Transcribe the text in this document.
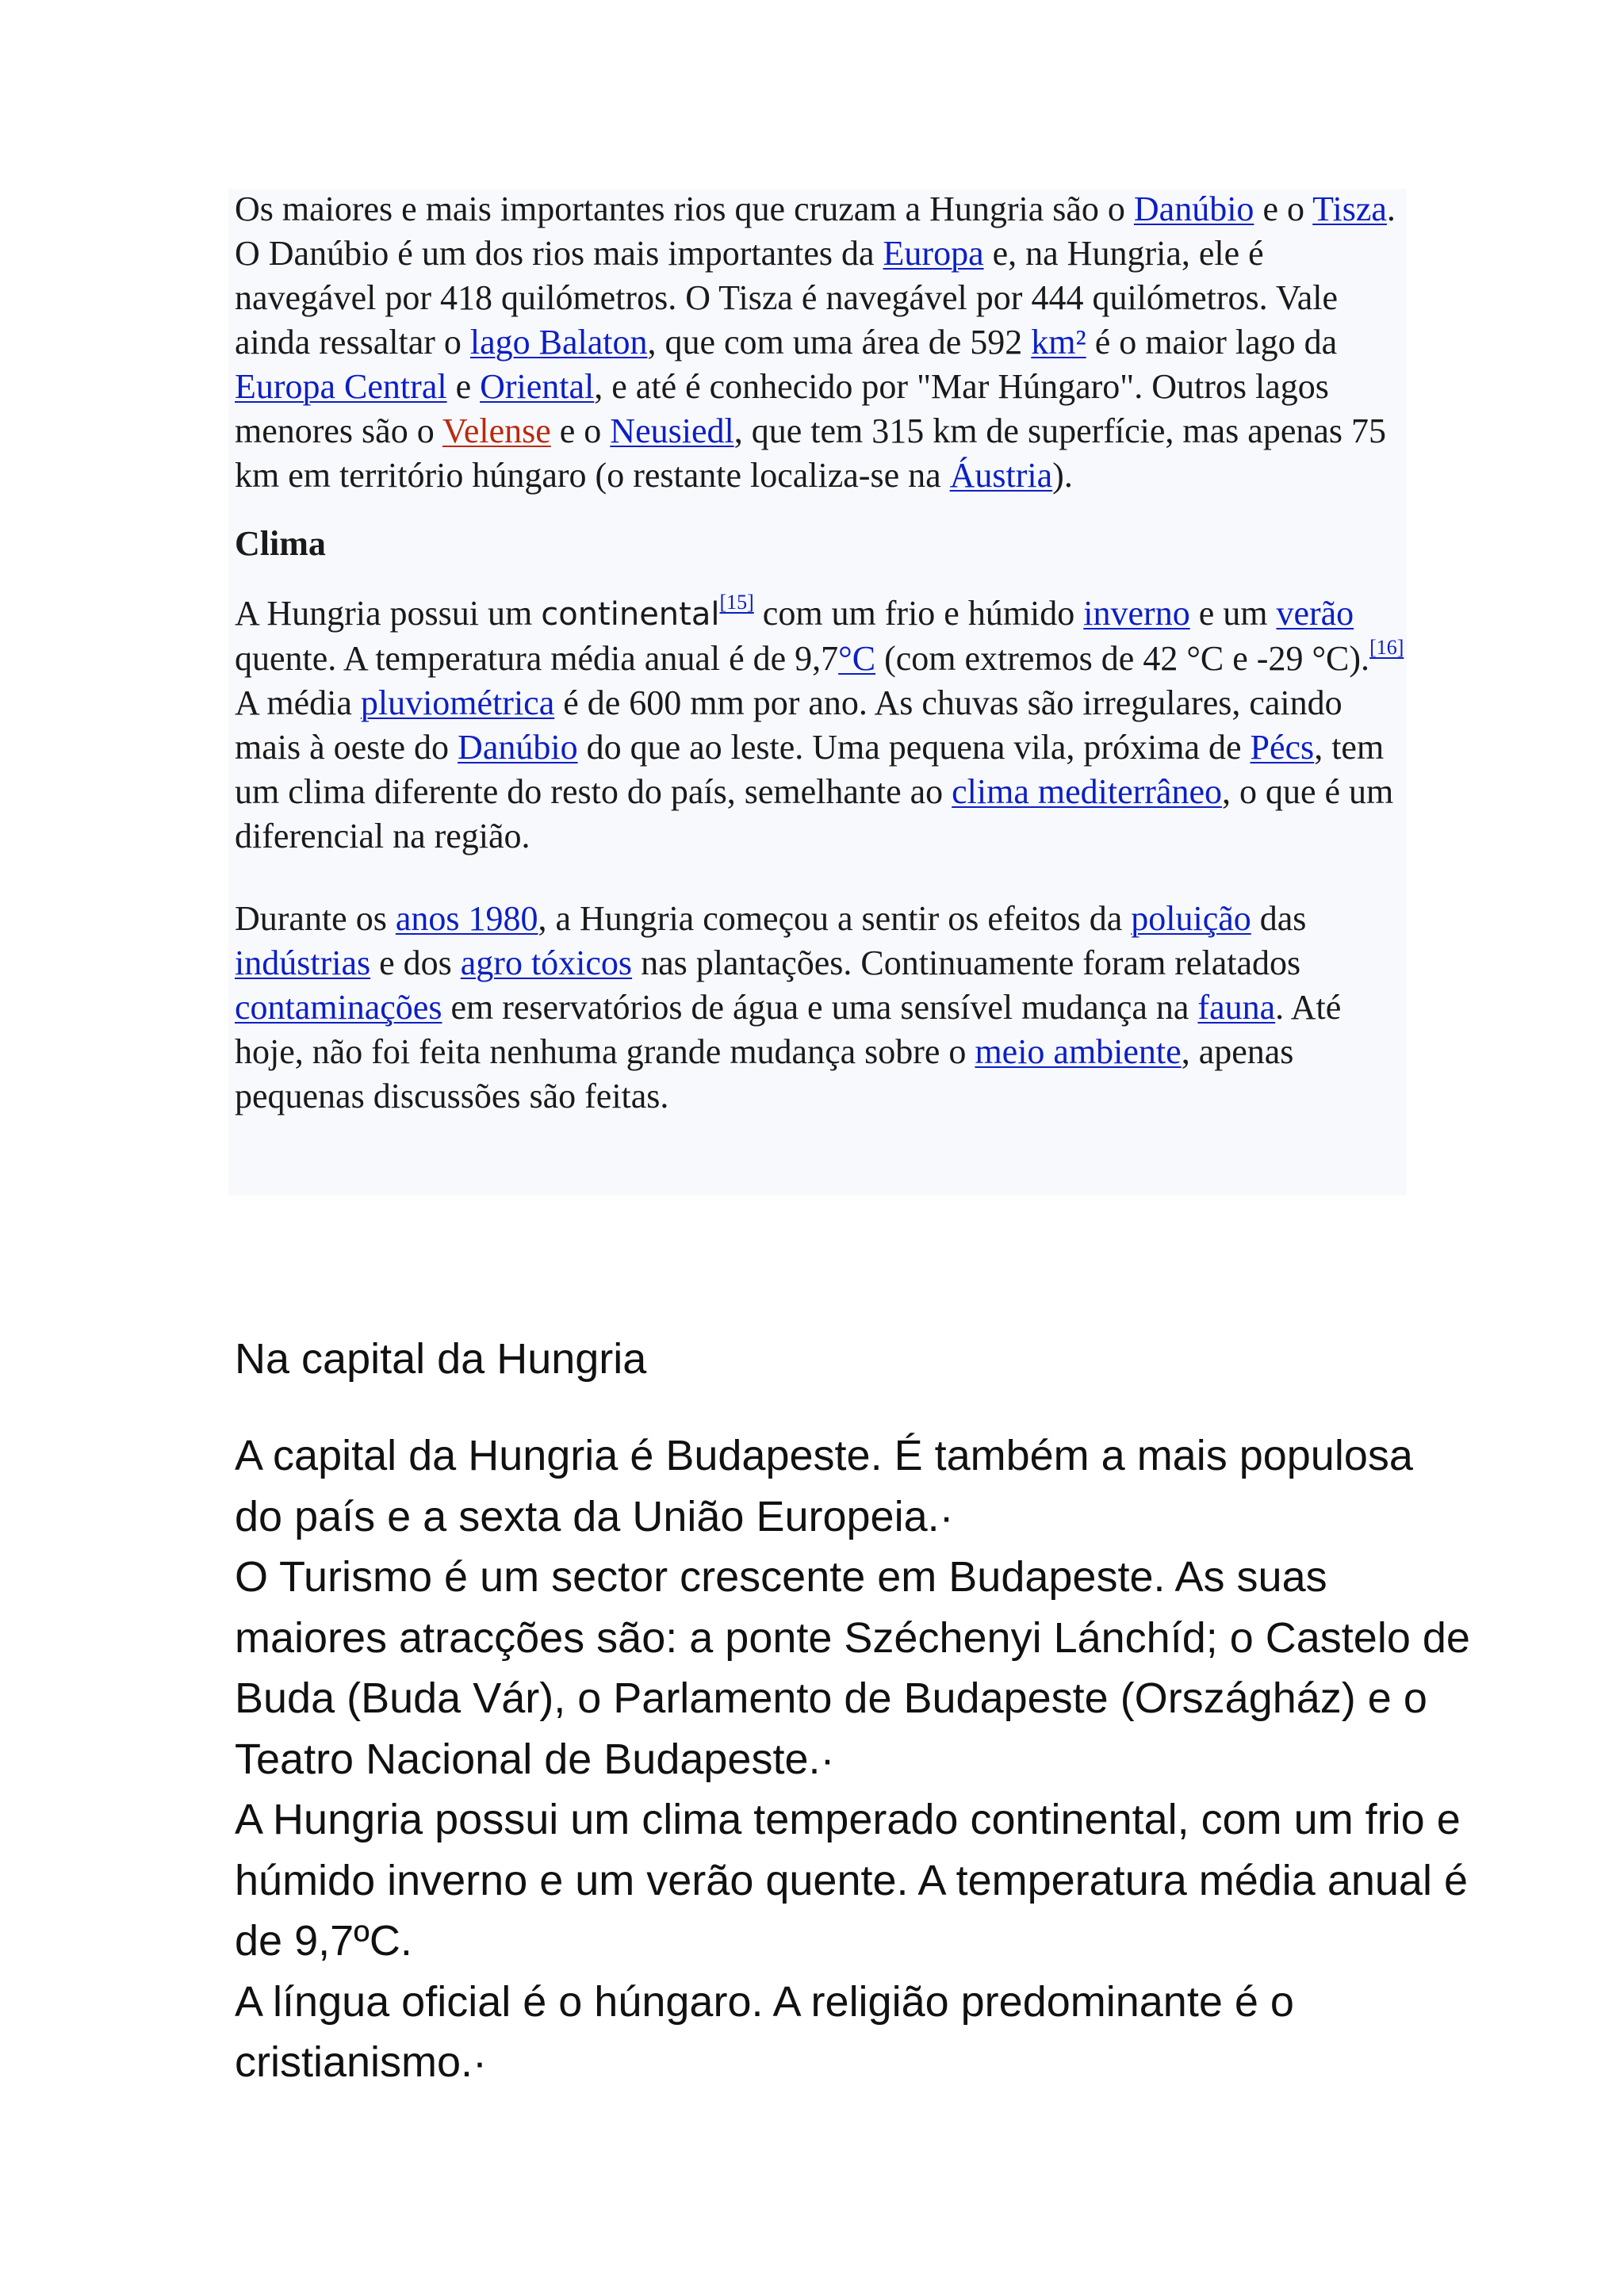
Os maiores e mais importantes rios que cruzam a Hungria são o Danúbio e o Tisza. O Danúbio é um dos rios mais importantes da Europa e, na Hungria, ele é navegável por 418 quilómetros. O Tisza é navegável por 444 quilómetros. Vale ainda ressaltar o lago Balaton, que com uma área de 592 km² é o maior lago da Europa Central e Oriental, e até é conhecido por "Mar Húngaro". Outros lagos menores são o Velense e o Neusiedl, que tem 315 km de superfície, mas apenas 75 km em território húngaro (o restante localiza-se na Áustria).

Clima

A Hungria possui um continental[15] com um frio e húmido inverno e um verão quente. A temperatura média anual é de 9,7°C (com extremos de 42 °C e -29 °C).[16] A média pluviométrica é de 600 mm por ano. As chuvas são irregulares, caindo mais à oeste do Danúbio do que ao leste. Uma pequena vila, próxima de Pécs, tem um clima diferente do resto do país, semelhante ao clima mediterrâneo, o que é um diferencial na região.

Durante os anos 1980, a Hungria começou a sentir os efeitos da poluição das indústrias e dos agro tóxicos nas plantações. Continuamente foram relatados contaminações em reservatórios de água e uma sensível mudança na fauna. Até hoje, não foi feita nenhuma grande mudança sobre o meio ambiente, apenas pequenas discussões são feitas.

Na capital da Hungria

A capital da Hungria é Budapeste. É também a mais populosa do país e a sexta da União Europeia.·

O Turismo é um sector crescente em Budapeste. As suas maiores atracções são: a ponte Széchenyi Lánchíd; o Castelo de Buda (Buda Vár), o Parlamento de Budapeste (Országház) e o Teatro Nacional de Budapeste.·

A Hungria possui um clima temperado continental, com um frio e húmido inverno e um verão quente. A temperatura média anual é de 9,7ºC.

A língua oficial é o húngaro. A religião predominante é o cristianismo.·
